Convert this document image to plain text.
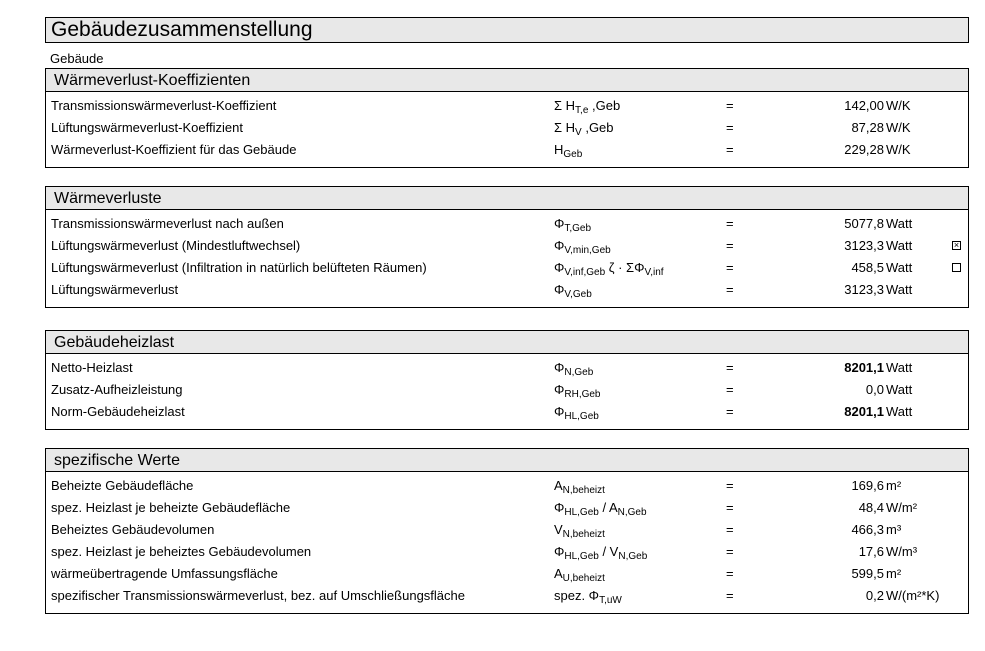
Gebäudezusammenstellung
Gebäude
Wärmeverlust-Koeffizienten
Transmissionswärmeverlust-Koeffizient	Σ $H_{T,e}$ ,Geb	=	142,00 W/K
Lüftungswärmeverlust-Koeffizient	Σ $H_V$ ,Geb	=	87,28 W/K
Wärmeverlust-Koeffizient für das Gebäude	$H_{Geb}$	=	229,28 W/K
Wärmeverluste
Transmissionswärmeverlust nach außen	$\Phi_{T,Geb}$	=	5077,8 Watt
Lüftungswärmeverlust (Mindestluftwechsel)	$\Phi_{V,min,Geb}$	=	3123,3 Watt	×
Lüftungswärmeverlust (Infiltration in natürlich belüfteten Räumen)	$\Phi_{V,inf,Geb}$ $\zeta \cdot \Sigma\Phi_{V,inf}$	=	458,5 Watt
Lüftungswärmeverlust	$\Phi_{V,Geb}$	=	3123,3 Watt
Gebäudeheizlast
Netto-Heizlast	$\Phi_{N,Geb}$	=	8201,1 Watt
Zusatz-Aufheizleistung	$\Phi_{RH,Geb}$	=	0,0 Watt
Norm-Gebäudeheizlast	$\Phi_{HL,Geb}$	=	8201,1 Watt
spezifische Werte
Beheizte Gebäudefläche	$A_{N,beheizt}$	=	169,6 m²
spez. Heizlast je beheizte Gebäudefläche	$\Phi_{HL,Geb} / A_{N,Geb}$	=	48,4 W/m²
Beheiztes Gebäudevolumen	$V_{N,beheizt}$	=	466,3 m³
spez. Heizlast je beheiztes Gebäudevolumen	$\Phi_{HL,Geb} / V_{N,Geb}$	=	17,6 W/m³
wärmeübertragende Umfassungsfläche	$A_{U,beheizt}$	=	599,5 m²
spezifischer Transmissionswärmeverlust, bez. auf Umschließungsfläche	spez. $\Phi_{T,uW}$	=	0,2 W/(m²*K)
